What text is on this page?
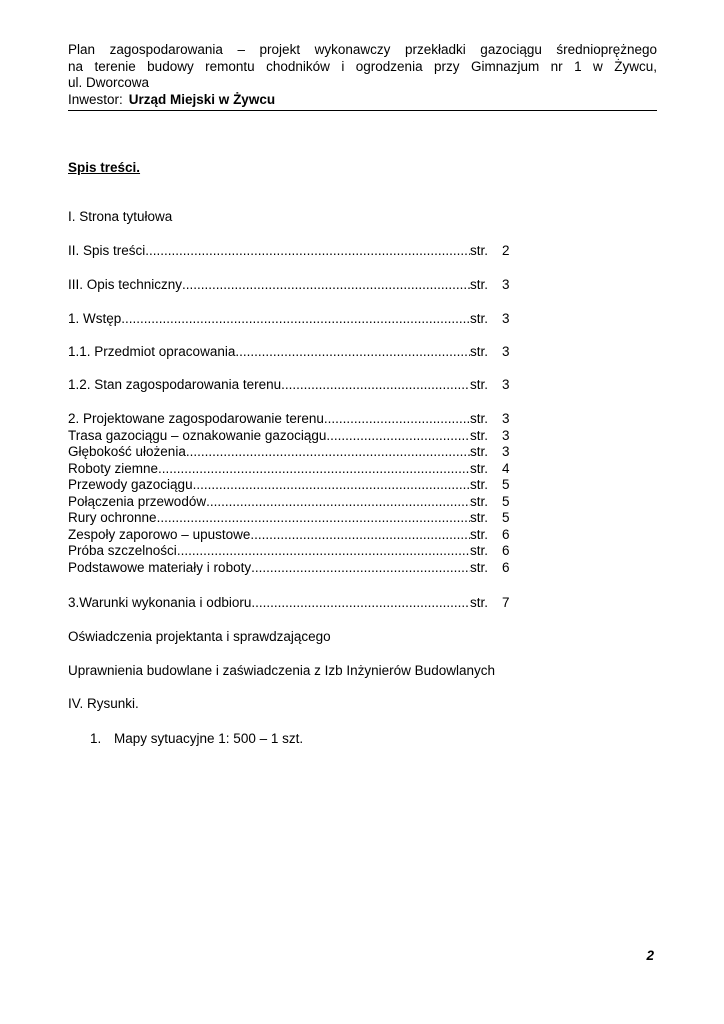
Plan zagospodarowania – projekt wykonawczy przekładki gazociągu średnioprężnego
na terenie budowy remontu chodników i ogrodzenia przy Gimnazjum nr 1 w Żywcu,
ul. Dworcowa
Inwestor: Urząd Miejski w Żywcu
Spis treści.
I. Strona tytułowa
II. Spis treści .....	str.	2
III. Opis techniczny .....	str.	3
1. Wstęp .....	str.	3
1.1. Przedmiot opracowania. .....	str.	3
1.2. Stan zagospodarowania terenu .....	str.	3
2. Projektowane zagospodarowanie terenu .....	str.	3
Trasa gazociągu – oznakowanie gazociągu .....	str.	3
Głębokość ułożenia .....	str.	3
Roboty ziemne .....	str.	4
Przewody gazociągu .....	str.	5
Połączenia przewodów .....	str.	5
Rury ochronne .....	str.	5
Zespoły zaporowo – upustowe .....	str.	6
Próba szczelności .....	str.	6
Podstawowe materiały i roboty .....	str.	6
3.Warunki wykonania i odbioru .....	str.	7
Oświadczenia projektanta i sprawdzającego
Uprawnienia budowlane i zaświadczenia z Izb Inżynierów Budowlanych
IV. Rysunki.
1. Mapy sytuacyjne 1: 500 – 1 szt.
2
